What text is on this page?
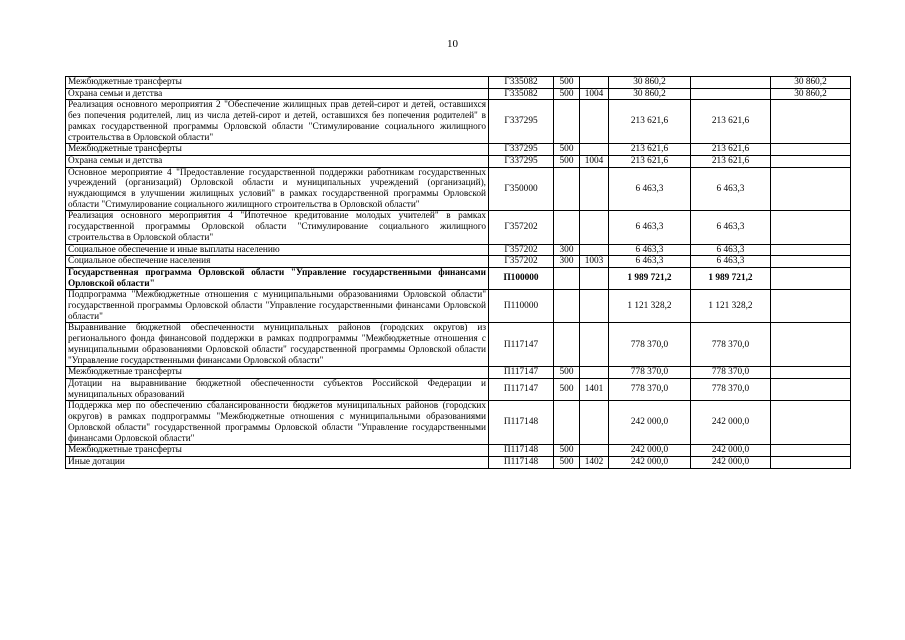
10
Межбюджетные трансферты	Г335082	500		30 860,2		30 860,2
Охрана семьи и детства	Г335082	500	1004	30 860,2		30 860,2
Реализация основного мероприятия 2 "Обеспечение жилищных прав детей-сирот и детей, оставшихся без попечения родителей, лиц из числа детей-сирот и детей, оставшихся без попечения родителей" в рамках государственной программы Орловской области "Стимулирование социального жилищного строительства в Орловской области"	Г337295			213 621,6	213 621,6	
Межбюджетные трансферты	Г337295	500		213 621,6	213 621,6	
Охрана семьи и детства	Г337295	500	1004	213 621,6	213 621,6	
Основное мероприятие 4 "Предоставление государственной поддержки работникам государственных учреждений (организаций) Орловской области и муниципальных учреждений (организаций), нуждающимся в улучшении жилищных условий" в рамках государственной программы Орловской области "Стимулирование социального жилищного строительства в Орловской области"	Г350000			6 463,3	6 463,3	
Реализация основного мероприятия 4 "Ипотечное кредитование молодых учителей" в рамках государственной программы Орловской области "Стимулирование социального жилищного строительства в Орловской области"	Г357202			6 463,3	6 463,3	
Социальное обеспечение и иные выплаты населению	Г357202	300		6 463,3	6 463,3	
Социальное обеспечение населения	Г357202	300	1003	6 463,3	6 463,3	
Государственная программа Орловской области "Управление государственными финансами Орловской области"	П100000			1 989 721,2	1 989 721,2	
Подпрограмма "Межбюджетные отношения с муниципальными образованиями Орловской области" государственной программы Орловской области "Управление государственными финансами Орловской области"	П110000			1 121 328,2	1 121 328,2	
Выравнивание бюджетной обеспеченности муниципальных районов (городских округов) из регионального фонда финансовой поддержки в рамках подпрограммы "Межбюджетные отношения с муниципальными образованиями Орловской области" государственной программы Орловской области "Управление государственными финансами Орловской области"	П117147			778 370,0	778 370,0	
Межбюджетные трансферты	П117147	500		778 370,0	778 370,0	
Дотации на выравнивание бюджетной обеспеченности субъектов Российской Федерации и муниципальных образований	П117147	500	1401	778 370,0	778 370,0	
Поддержка мер по обеспечению сбалансированности бюджетов муниципальных районов (городских округов) в рамках подпрограммы "Межбюджетные отношения с муниципальными образованиями Орловской области" государственной программы Орловской области "Управление государственными финансами Орловской области"	П117148			242 000,0	242 000,0	
Межбюджетные трансферты	П117148	500		242 000,0	242 000,0	
Иные дотации	П117148	500	1402	242 000,0	242 000,0	
